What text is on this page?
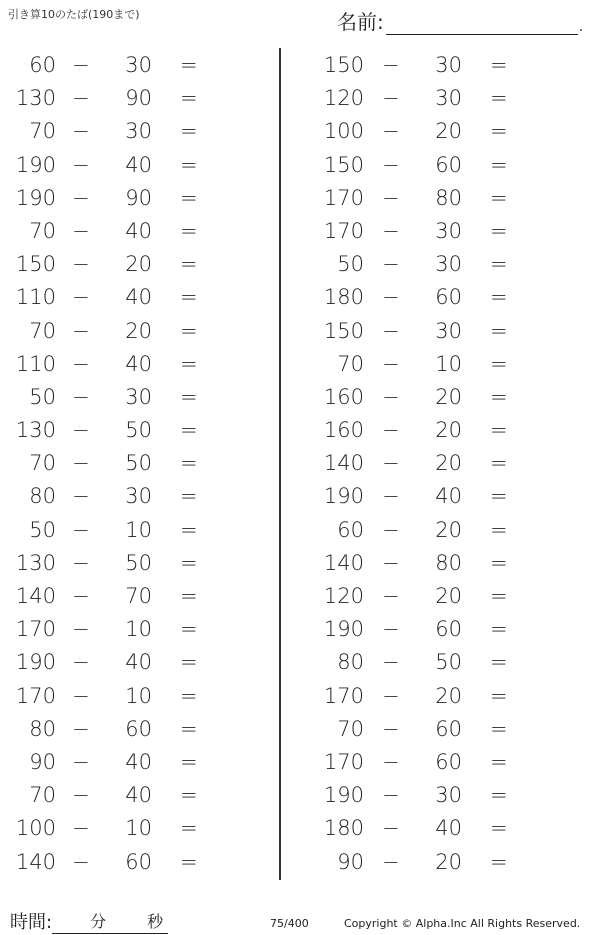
引き算10のたば(190まで)	名前:	.
60 −	30 =
130 −	90 =
70 −	30 =
190 −	40 =
190 −	90 =
70 −	40 =
150 −	20 =
110 −	40 =
70 −	20 =
110 −	40 =
50 −	30 =
130 −	50 =
70 −	50 =
80 −	30 =
50 −	10 =
130 −	50 =
140 −	70 =
170 −	10 =
190 −	40 =
170 −	10 =
80 −	60 =
90 −	40 =
70 −	40 =
100 −	10 =
140 −	60 =
150 −	30 =
120 −	30 =
100 −	20 =
150 −	60 =
170 −	80 =
170 −	30 =
50 −	30 =
180 −	60 =
150 −	30 =
70 −	10 =
160 −	20 =
160 −	20 =
140 −	20 =
190 −	40 =
60 −	20 =
140 −	80 =
120 −	20 =
190 −	60 =
80 −	50 =
170 −	20 =
70 −	60 =
170 −	60 =
190 −	30 =
180 −	40 =
90 −	20 =
時間: 分	秒	75/400	Copyright © Alpha.Inc All Rights Reserved.
